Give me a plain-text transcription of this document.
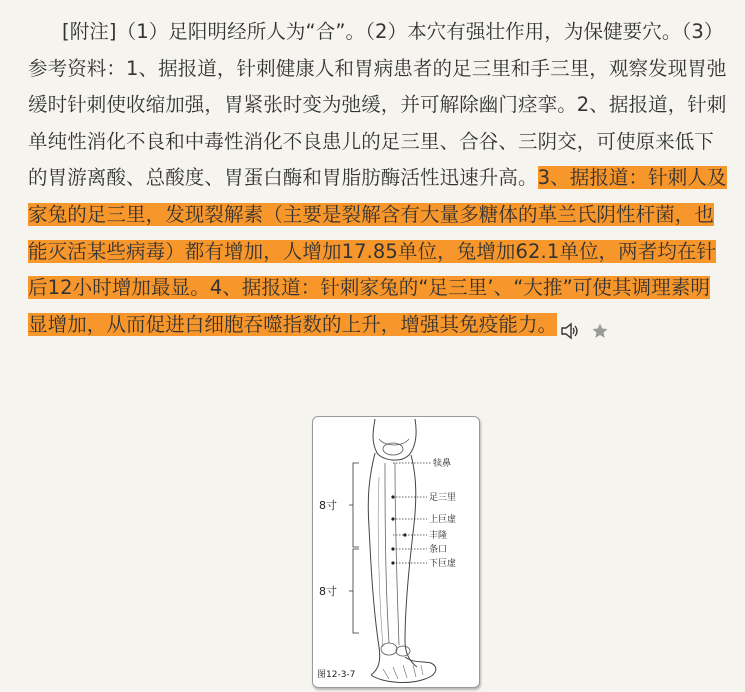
[附注]（1）足阳明经所人为“合”。（2）本穴有强壮作用，为保健要穴。（3）参考资料：1、据报道，针刺健康人和胃病患者的足三里和手三里，观察发现胃弛缓时针刺使收缩加强，胃紧张时变为弛缓，并可解除幽门痉挛。2、据报道，针刺单纯性消化不良和中毒性消化不良患儿的足三里、合谷、三阴交，可使原来低下的胃游离酸、总酸度、胃蛋白酶和胃脂肪酶活性迅速升高。3、据报道：针刺人及家兔的足三里，发现裂解素（主要是裂解含有大量多糖体的革兰氏阴性杆菌，也能灭活某些病毒）都有增加，人增加17.85单位，兔增加62.1单位，两者均在针后12小时增加最显。4、据报道：针刺家兔的“足三里’、“大推”可使其调理素明显增加，从而促进白细胞吞噬指数的上升，增强其免疫能力。
犊鼻
足三里
上巨虚
丰隆
条口
下巨虚
8寸
8寸
图12-3-7
